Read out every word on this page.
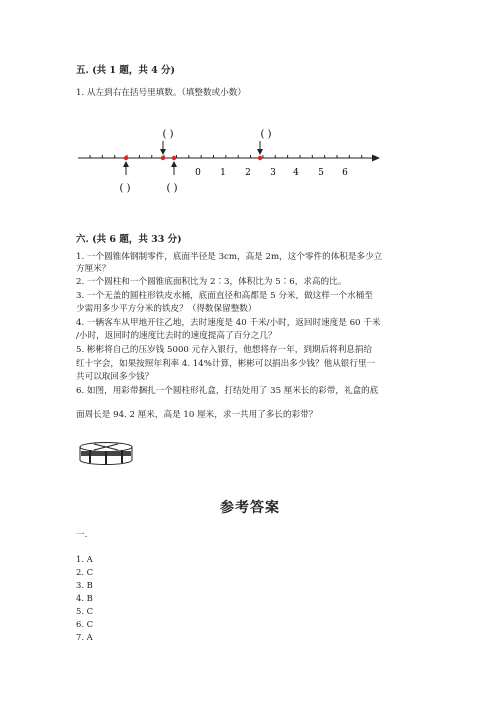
五. (共 1 题，共 4 分)
1. 从左到右在括号里填数。（填整数或小数）
0 1 2 3 4 5 6
( )	( )
( )	( )
六. (共 6 题，共 33 分)
1. 一个圆锥体钢制零件，底面半径是 3cm，高是 2m，这个零件的体积是多少立
方厘米？
2. 一个圆柱和一个圆锥底面积比为 2∶3，体积比为 5∶6，求高的比。
3. 一个无盖的圆柱形铁皮水桶，底面直径和高都是 5 分米，做这样一个水桶至
少需用多少平方分米的铁皮？（得数保留整数）
4. 一辆客车从甲地开往乙地，去时速度是 40 千米/小时，返回时速度是 60 千米
/小时，返回时的速度比去时的速度提高了百分之几？
5. 彬彬将自己的压岁钱 5000 元存入银行，他想将存一年，到期后将利息捐给
红十字会，如果按照年利率 4. 14%计算，彬彬可以捐出多少钱？他从银行里一
共可以取回多少钱？
6. 如图，用彩带捆扎一个圆柱形礼盒，打结处用了 35 厘米长的彩带，礼盒的底
面周长是 94. 2 厘米，高是 10 厘米，求一共用了多长的彩带？
参考答案
一.
1. A
2. C
3. B
4. B
5. C
6. C
7. A
